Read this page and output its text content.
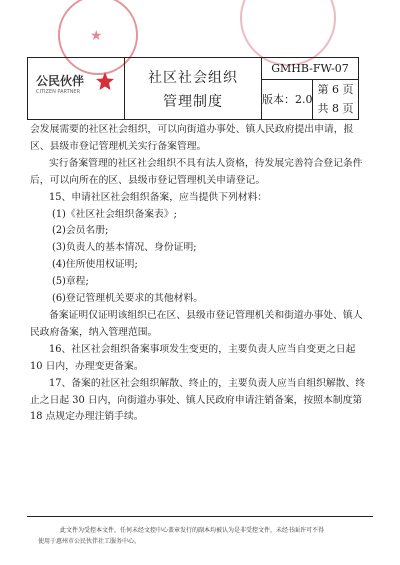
★
公民伙伴
CITIZEN PARTNER
社区社会组织
管理制度
GMHB-FW-07
版本：2.0
第 6 页
共 8 页

会发展需要的社区社会组织，可以向街道办事处、镇人民政府提出申请，报区、县级市登记管理机关实行备案管理。

实行备案管理的社区社会组织不具有法人资格，待发展完善符合登记条件后，可以向所在的区、县级市登记管理机关申请登记。

15、申请社区社会组织备案，应当提供下列材料：

(1)《社区社会组织备案表》;

(2)会员名册;

(3)负责人的基本情况、身份证明;

(4)住所使用权证明;

(5)章程;

(6)登记管理机关要求的其他材料。

备案证明仅证明该组织已在区、县级市登记管理机关和街道办事处、镇人民政府备案，纳入管理范围。

16、社区社会组织备案事项发生变更的，主要负责人应当自变更之日起 10 日内，办理变更备案。

17、备案的社区社会组织解散、终止的，主要负责人应当自组织解散、终止之日起 30 日内，向街道办事处、镇人民政府申请注销备案，按照本制度第 18 点规定办理注销手续。

此文件为受控本文件，任何未经文控中心盖章发行的副本均被认为是非受控文件，未经书面许可不得
使用于惠州市公民伙伴社工服务中心。
